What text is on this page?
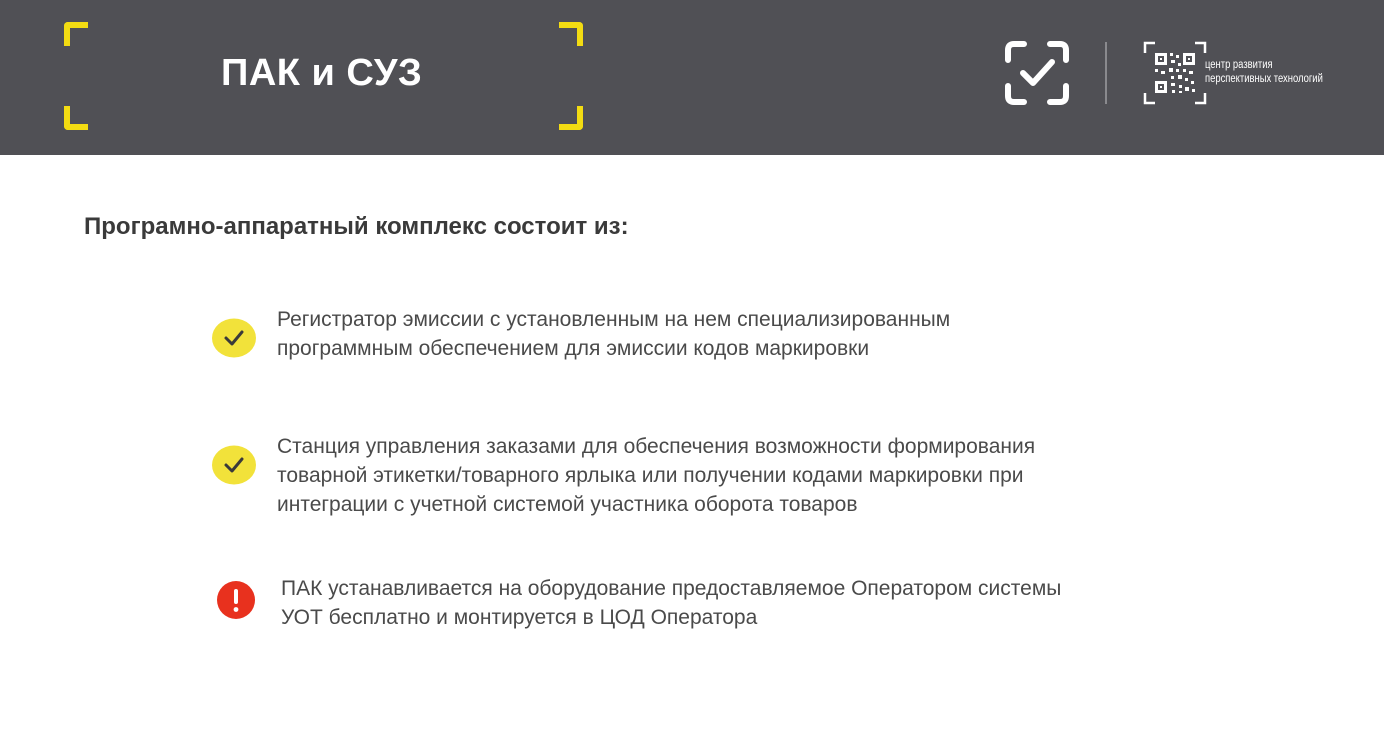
ПАК и СУЗ	центр развития
перспективных технологий
Програмно-аппаратный комплекс состоит из:
Регистратор эмиссии с установленным на нем специализированным
программным обеспечением для эмиссии кодов маркировки
Станция управления заказами для обеспечения возможности формирования
товарной этикетки/товарного ярлыка или получении кодами маркировки при
интеграции с учетной системой участника оборота товаров
ПАК устанавливается на оборудование предоставляемое Оператором системы
УОТ бесплатно и монтируется в ЦОД Оператора
